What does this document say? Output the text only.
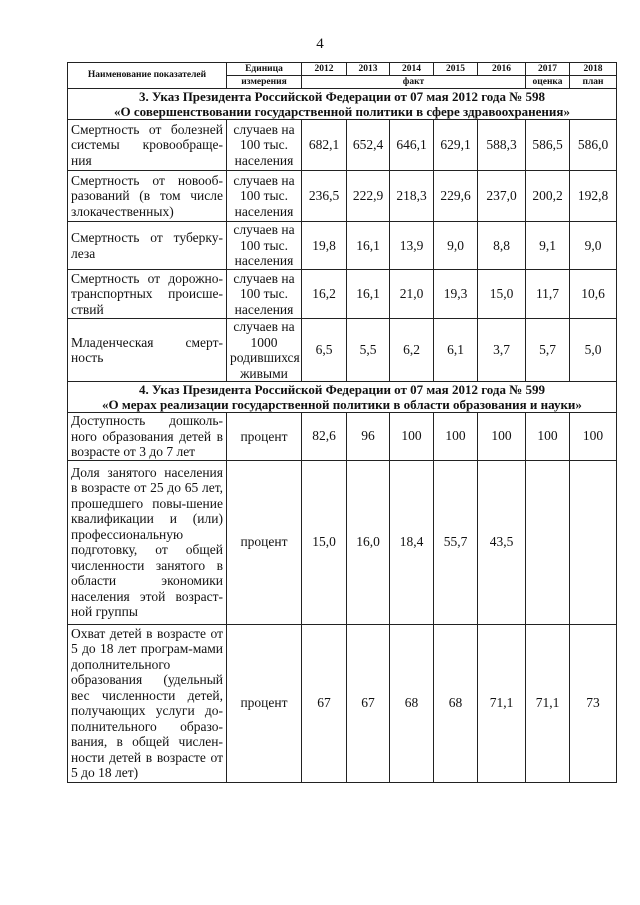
4
Наименование показателей	Единица	2012	2013	2014	2015	2016	2017	2018
	измерения	факт					оценка	план

3. Указ Президента Российской Федерации от 07 мая 2012 года № 598
«О совершенствовании государственной политики в сфере здравоохранения»								

Смертность от болезней системы кровообраще-ния	случаев на 100 тыс. населения	682,1	652,4	646,1	629,1	588,3	586,5	586,0
Смертность от новооб-разований (в том числе злокачественных)	случаев на 100 тыс. населения	236,5	222,9	218,3	229,6	237,0	200,2	192,8
Смертность от туберку-леза	случаев на 100 тыс. населения	19,8	16,1	13,9	9,0	8,8	9,1	9,0
Смертность от дорожно-транспортных происше-ствий	случаев на 100 тыс. населения	16,2	16,1	21,0	19,3	15,0	11,7	10,6
Младенческая смерт-ность	случаев на 1000 родившихся живыми	6,5	5,5	6,2	6,1	3,7	5,7	5,0

4. Указ Президента Российской Федерации от 07 мая 2012 года № 599
«О мерах реализации государственной политики в области образования и науки»								

Доступность дошколь-ного образования детей в возрасте от 3 до 7 лет	процент	82,6	96	100	100	100	100	100
Доля занятого населения в возрасте от 25 до 65 лет, прошедшего повы-шение квалификации и (или) профессиональную подготовку, от общей численности занятого в области экономики населения этой возраст-ной группы	процент	15,0	16,0	18,4	55,7	43,5		
Охват детей в возрасте от 5 до 18 лет програм-мами дополнительного образования (удельный вес численности детей, получающих услуги до-полнительного образо-вания, в общей числен-ности детей в возрасте от 5 до 18 лет)	процент	67	67	68	68	71,1	71,1	73
